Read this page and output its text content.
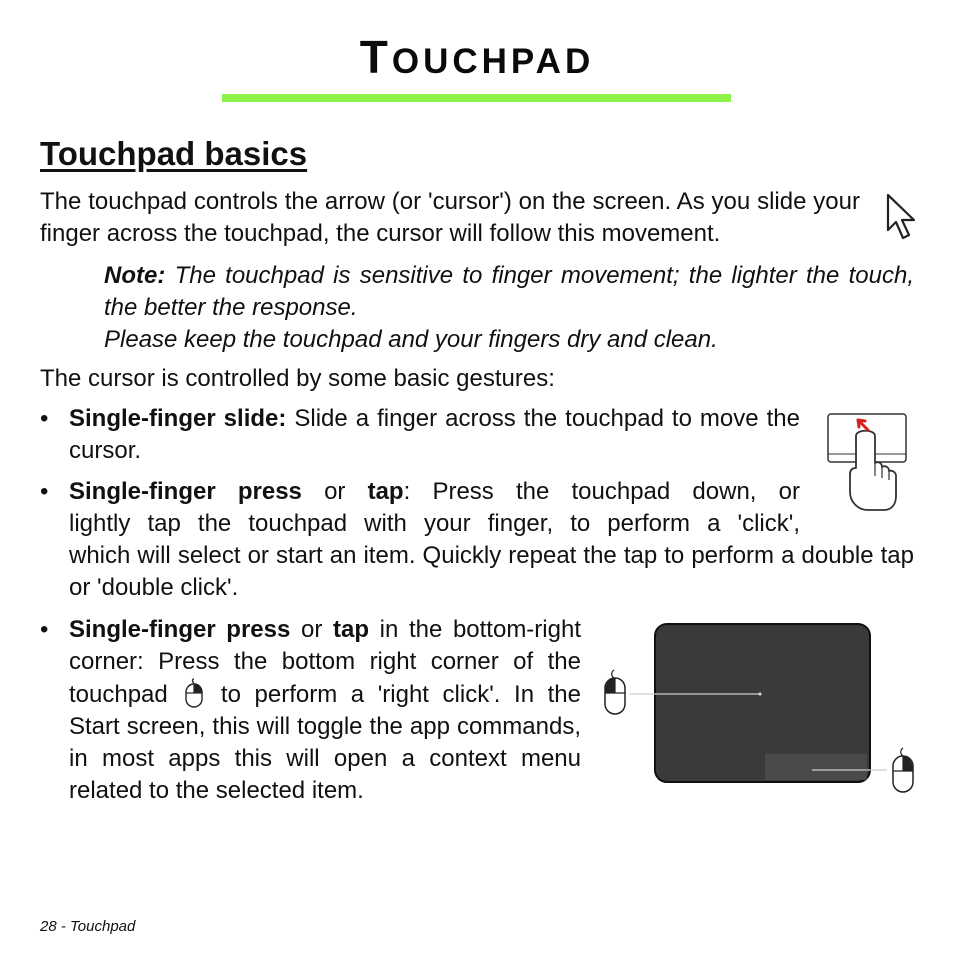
TOUCHPAD
Touchpad basics
The touchpad controls the arrow (or 'cursor') on the screen. As you slide your finger across the touchpad, the cursor will follow this movement.
Note: The touchpad is sensitive to finger movement; the lighter the touch, the better the response.
Please keep the touchpad and your fingers dry and clean.
The cursor is controlled by some basic gestures:
• Single-finger slide: Slide a finger across the touchpad to move the cursor.
• Single-finger press or tap: Press the touchpad down, or
lightly tap the touchpad with your finger, to perform a 'click',
which will select or start an item. Quickly repeat the tap to perform a double tap or 'double click'.
• Single-finger press or tap in the bottom-right corner: Press the bottom right corner of the touchpad  to perform a 'right click'. In the Start screen, this will toggle the app commands, in most apps this will open a context menu related to the selected item.
28 - Touchpad
